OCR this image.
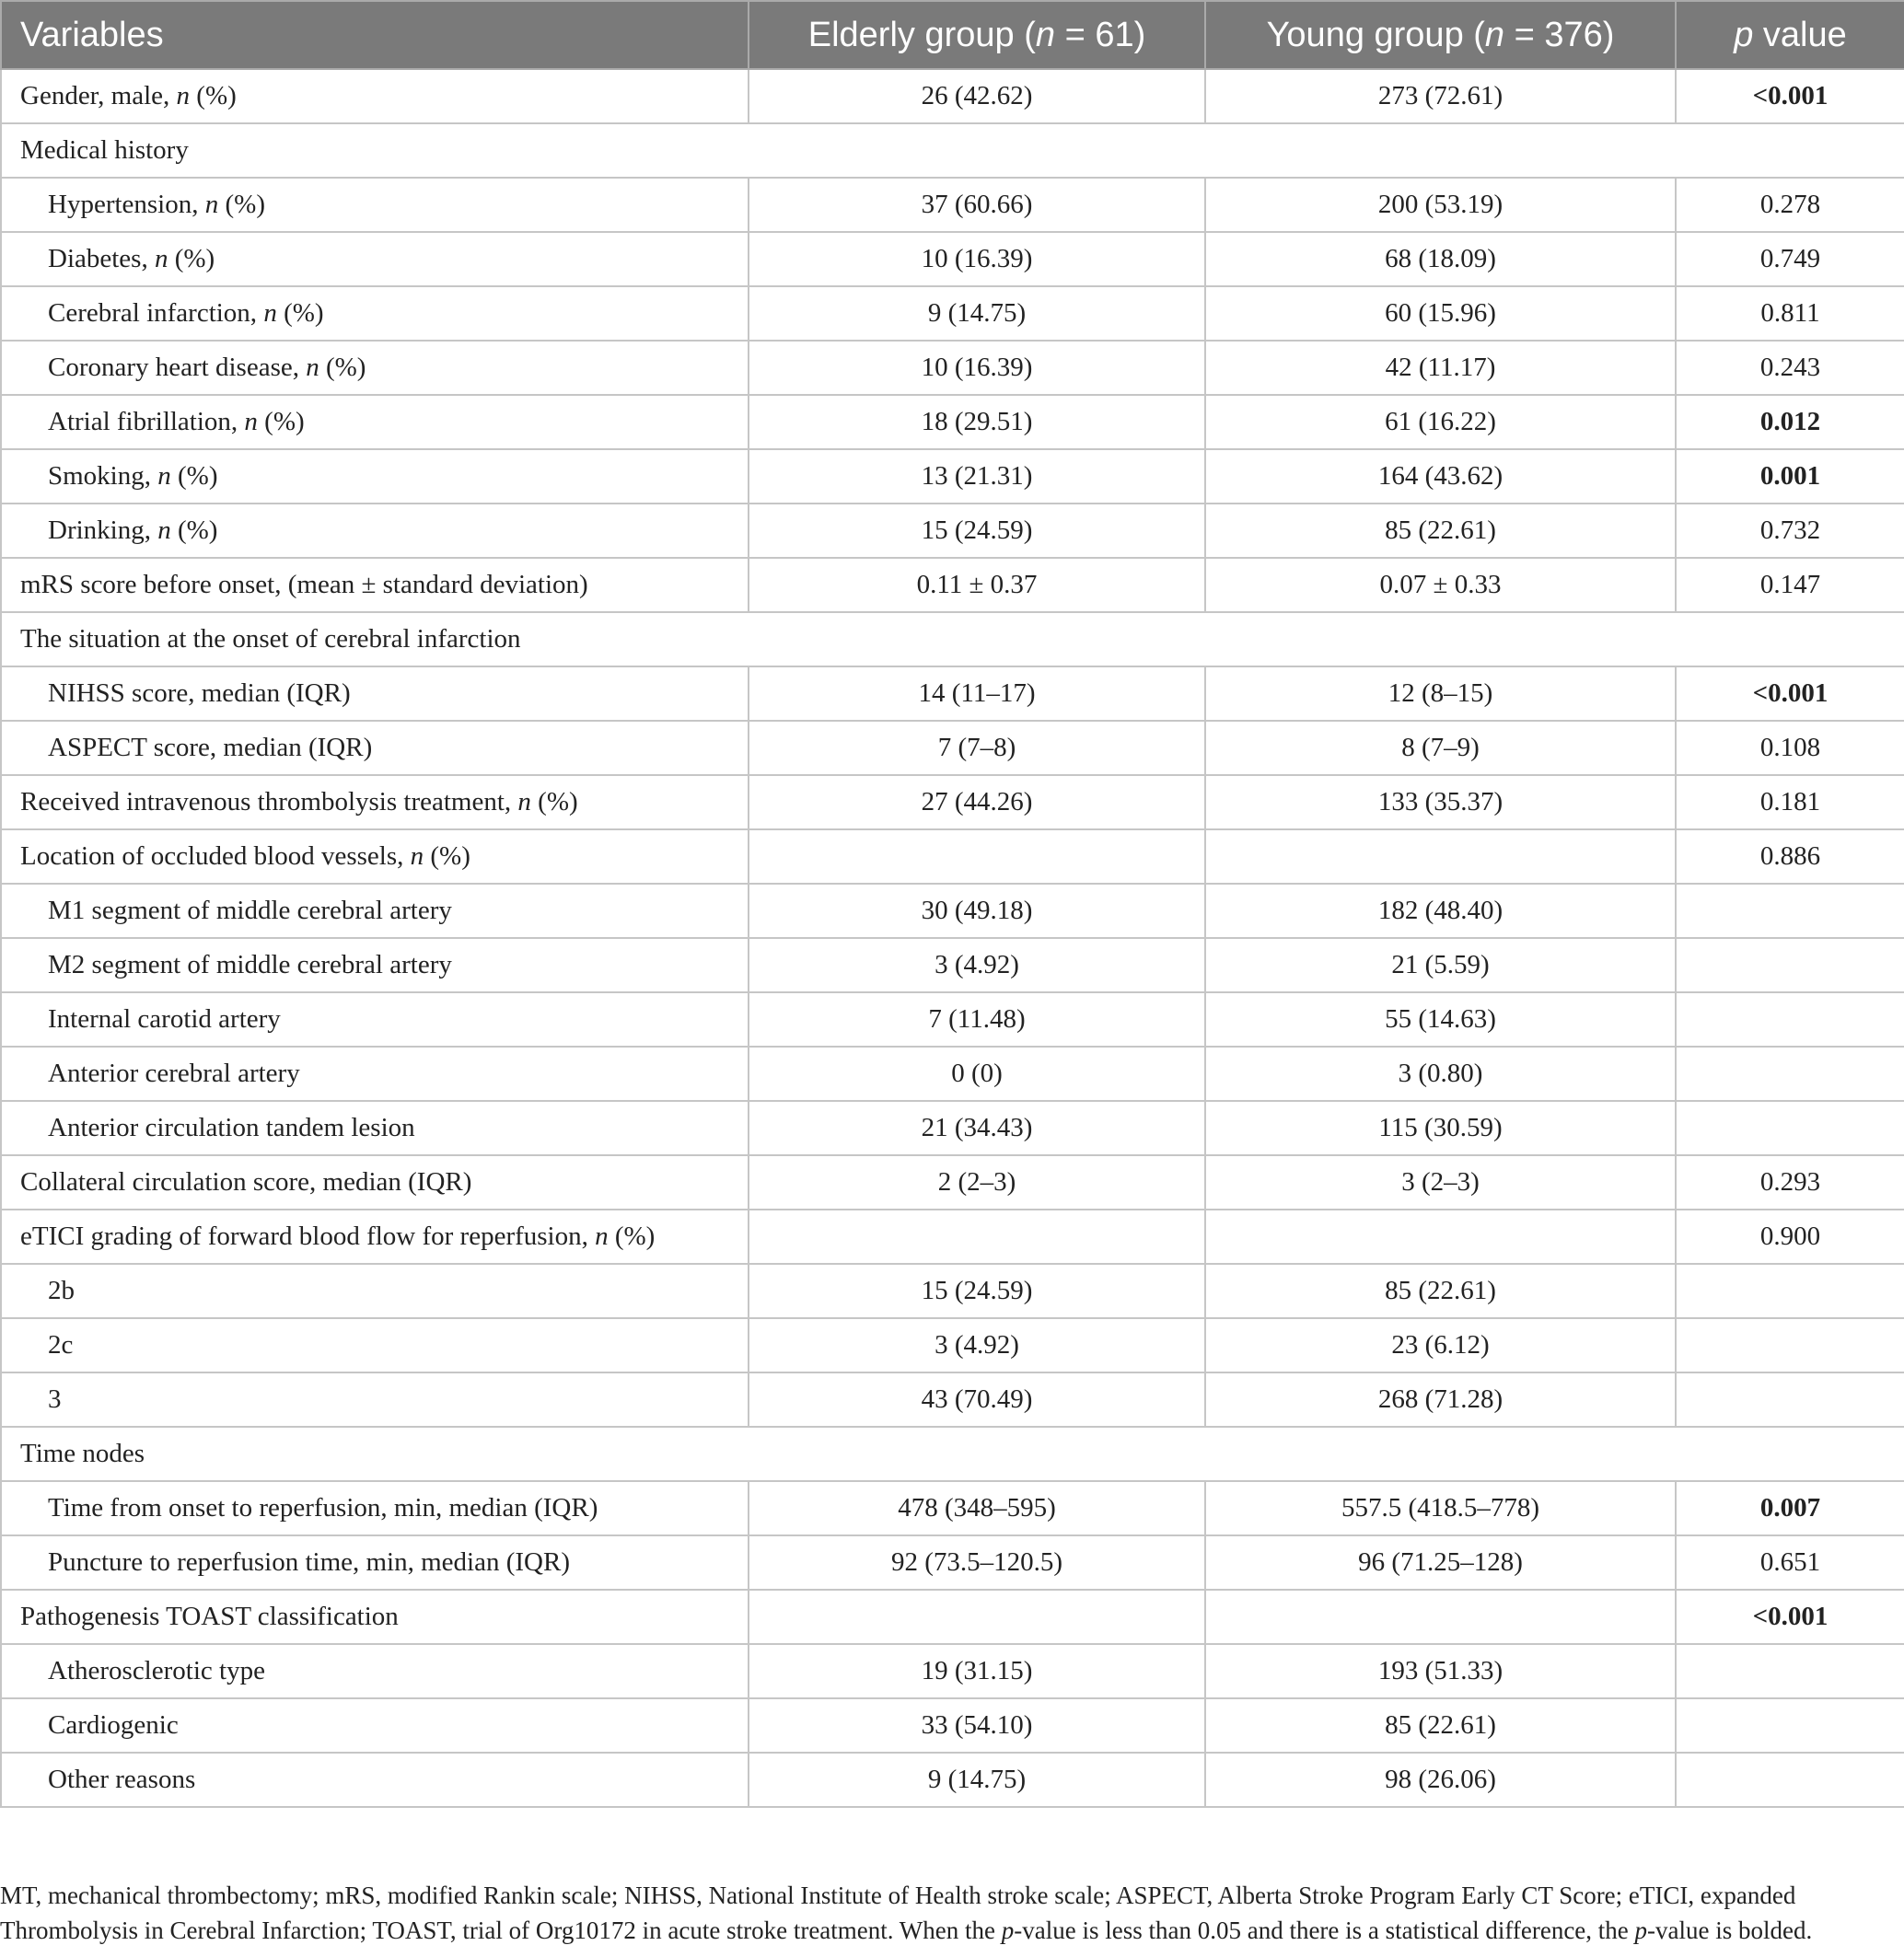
Variables	Elderly group (n = 61)	Young group (n = 376)	p value
Gender, male, n (%)	26 (42.62)	273 (72.61)	<0.001
Medical history			
Hypertension, n (%)	37 (60.66)	200 (53.19)	0.278
Diabetes, n (%)	10 (16.39)	68 (18.09)	0.749
Cerebral infarction, n (%)	9 (14.75)	60 (15.96)	0.811
Coronary heart disease, n (%)	10 (16.39)	42 (11.17)	0.243
Atrial fibrillation, n (%)	18 (29.51)	61 (16.22)	0.012
Smoking, n (%)	13 (21.31)	164 (43.62)	0.001
Drinking, n (%)	15 (24.59)	85 (22.61)	0.732
mRS score before onset, (mean ± standard deviation)	0.11 ± 0.37	0.07 ± 0.33	0.147
The situation at the onset of cerebral infarction			
NIHSS score, median (IQR)	14 (11–17)	12 (8–15)	<0.001
ASPECT score, median (IQR)	7 (7–8)	8 (7–9)	0.108
Received intravenous thrombolysis treatment, n (%)	27 (44.26)	133 (35.37)	0.181
Location of occluded blood vessels, n (%)			0.886
M1 segment of middle cerebral artery	30 (49.18)	182 (48.40)	
M2 segment of middle cerebral artery	3 (4.92)	21 (5.59)	
Internal carotid artery	7 (11.48)	55 (14.63)	
Anterior cerebral artery	0 (0)	3 (0.80)	
Anterior circulation tandem lesion	21 (34.43)	115 (30.59)	
Collateral circulation score, median (IQR)	2 (2–3)	3 (2–3)	0.293
eTICI grading of forward blood flow for reperfusion, n (%)			0.900
2b	15 (24.59)	85 (22.61)	
2c	3 (4.92)	23 (6.12)	
3	43 (70.49)	268 (71.28)	
Time nodes			
Time from onset to reperfusion, min, median (IQR)	478 (348–595)	557.5 (418.5–778)	0.007
Puncture to reperfusion time, min, median (IQR)	92 (73.5–120.5)	96 (71.25–128)	0.651
Pathogenesis TOAST classification			<0.001
Atherosclerotic type	19 (31.15)	193 (51.33)	
Cardiogenic	33 (54.10)	85 (22.61)	
Other reasons	9 (14.75)	98 (26.06)	

MT, mechanical thrombectomy; mRS, modified Rankin scale; NIHSS, National Institute of Health stroke scale; ASPECT, Alberta Stroke Program Early CT Score; eTICI, expanded Thrombolysis in Cerebral Infarction; TOAST, trial of Org10172 in acute stroke treatment. When the p-value is less than 0.05 and there is a statistical difference, the p-value is bolded.
